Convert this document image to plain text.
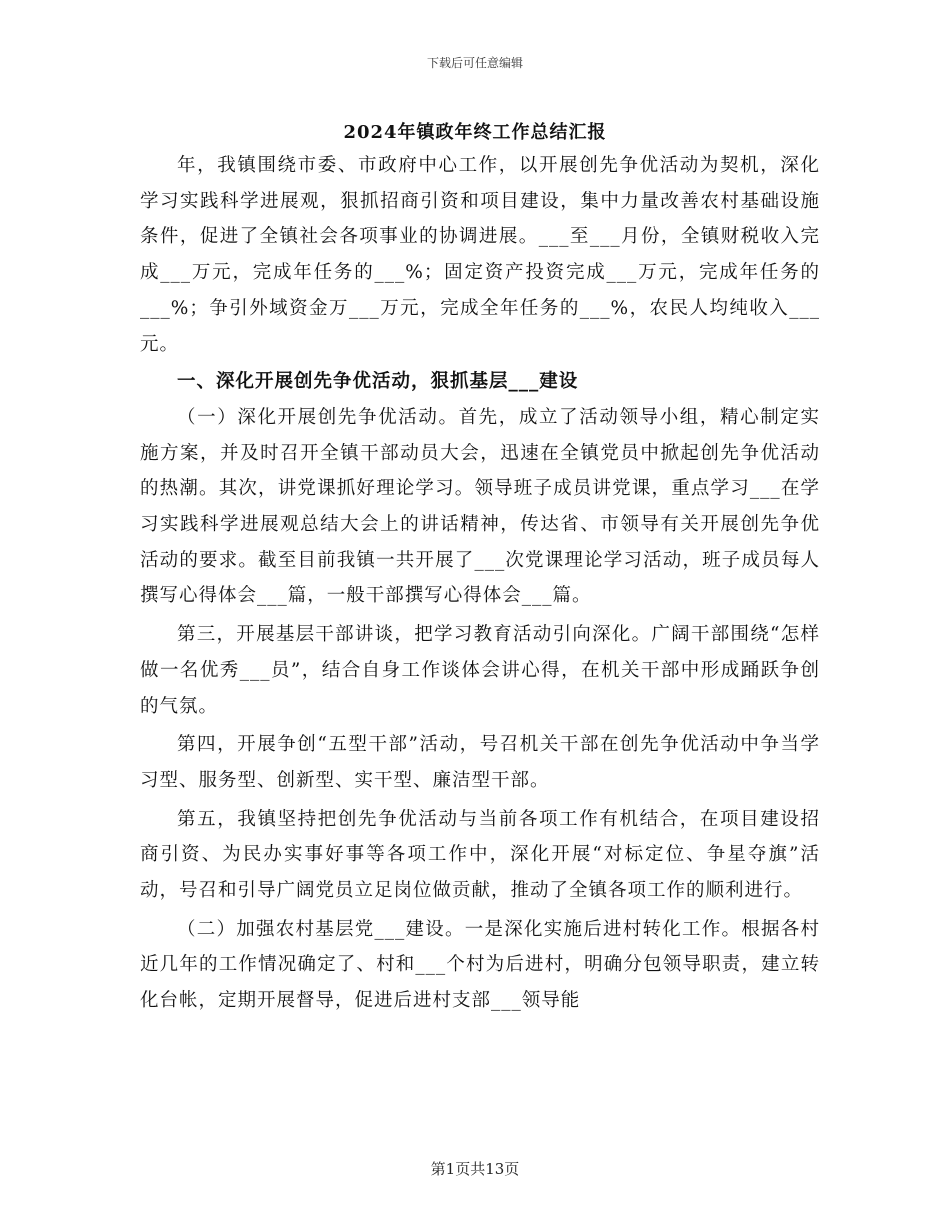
下载后可任意编辑
2024年镇政年终工作总结汇报

年，我镇围绕市委、市政府中心工作，以开展创先争优活动为契机，深化学习实践科学进展观，狠抓招商引资和项目建设，集中力量改善农村基础设施条件，促进了全镇社会各项事业的协调进展。___至___月份，全镇财税收入完成___万元，完成年任务的___%；固定资产投资完成___万元，完成年任务的___%；争引外域资金万___万元，完成全年任务的___%，农民人均纯收入___元。

一、深化开展创先争优活动，狠抓基层___建设

（一）深化开展创先争优活动。首先，成立了活动领导小组，精心制定实施方案，并及时召开全镇干部动员大会，迅速在全镇党员中掀起创先争优活动的热潮。其次，讲党课抓好理论学习。领导班子成员讲党课，重点学习___在学习实践科学进展观总结大会上的讲话精神，传达省、市领导有关开展创先争优活动的要求。截至目前我镇一共开展了___次党课理论学习活动，班子成员每人撰写心得体会___篇，一般干部撰写心得体会___篇。

第三，开展基层干部讲谈，把学习教育活动引向深化。广阔干部围绕“怎样做一名优秀___员”，结合自身工作谈体会讲心得，在机关干部中形成踊跃争创的气氛。

第四，开展争创“五型干部”活动，号召机关干部在创先争优活动中争当学习型、服务型、创新型、实干型、廉洁型干部。

第五，我镇坚持把创先争优活动与当前各项工作有机结合，在项目建设招商引资、为民办实事好事等各项工作中，深化开展“对标定位、争星夺旗”活动，号召和引导广阔党员立足岗位做贡献，推动了全镇各项工作的顺利进行。

（二）加强农村基层党___建设。一是深化实施后进村转化工作。根据各村近几年的工作情况确定了、村和___个村为后进村，明确分包领导职责，建立转化台帐，定期开展督导，促进后进村支部___领导能

第1页共13页
